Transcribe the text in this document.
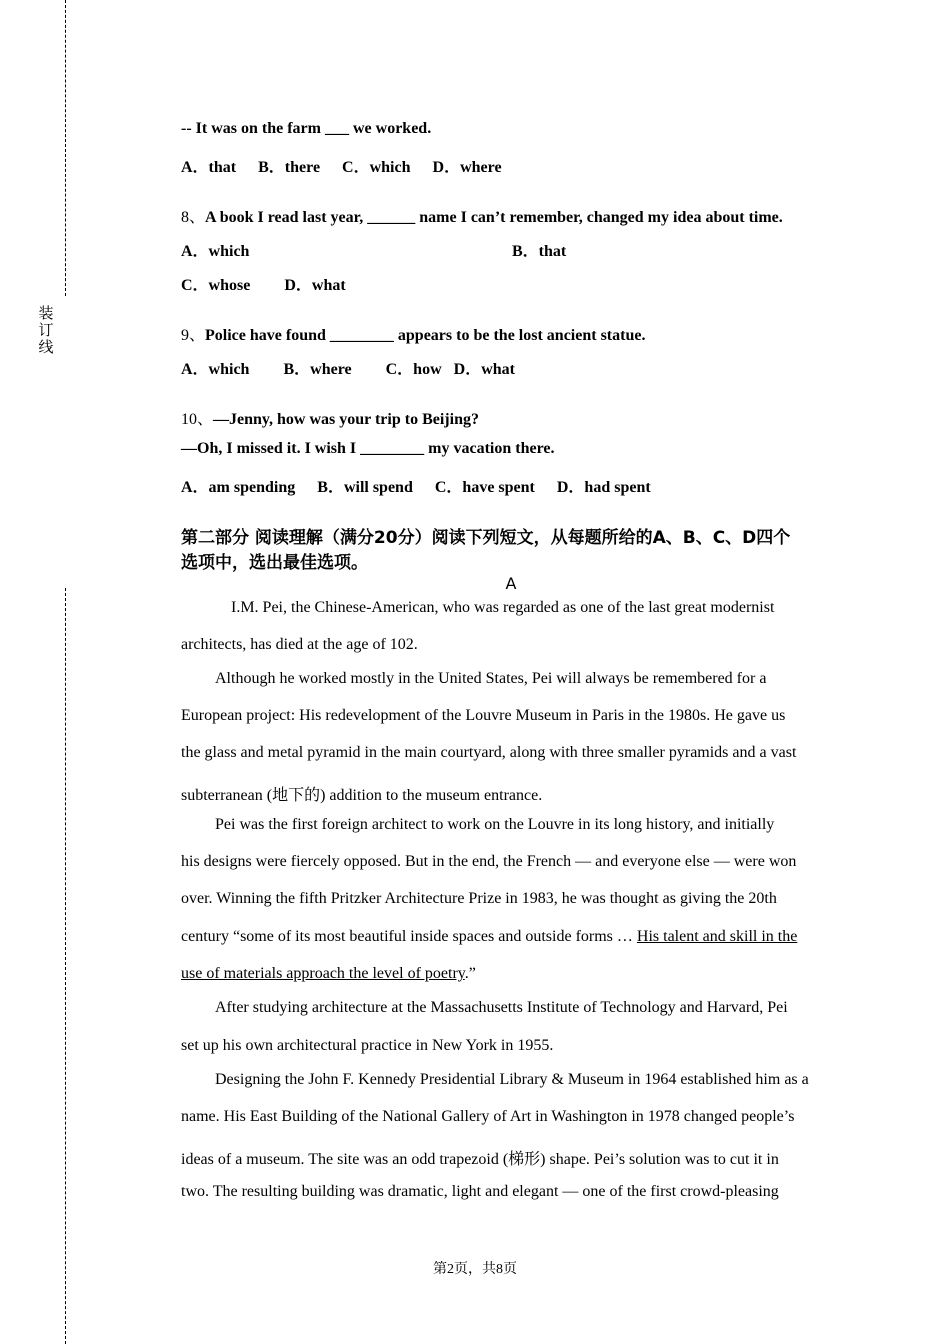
装
订
线
-- It was on the farm ___ we worked.
A．that B．there C．which D．where
8、A book I read last year, ______ name I can’t remember, changed my idea about time.
A．which	B．that
C．whose D．what
9、Police have found ________ appears to be the lost ancient statue.
A．which B．where C．how D．what
10、—Jenny, how was your trip to Beijing?
—Oh, I missed it. I wish I ________ my vacation there.
A．am spending B．will spend C．have spent D．had spent
第二部分 阅读理解（满分20分）阅读下列短文，从每题所给的A、B、C、D四个
选项中，选出最佳选项。
A
I.M. Pei, the Chinese-American, who was regarded as one of the last great modernist
architects, has died at the age of 102.
Although he worked mostly in the United States, Pei will always be remembered for a
European project: His redevelopment of the Louvre Museum in Paris in the 1980s. He gave us
the glass and metal pyramid in the main courtyard, along with three smaller pyramids and a vast
subterranean (地下的) addition to the museum entrance.
Pei was the first foreign architect to work on the Louvre in its long history, and initially
his designs were fiercely opposed. But in the end, the French — and everyone else — were won
over. Winning the fifth Pritzker Architecture Prize in 1983, he was thought as giving the 20th
century “some of its most beautiful inside spaces and outside forms … His talent and skill in the
use of materials approach the level of poetry.”
After studying architecture at the Massachusetts Institute of Technology and Harvard, Pei
set up his own architectural practice in New York in 1955.
Designing the John F. Kennedy Presidential Library & Museum in 1964 established him as a
name. His East Building of the National Gallery of Art in Washington in 1978 changed people’s
ideas of a museum. The site was an odd trapezoid (梯形) shape. Pei’s solution was to cut it in
two. The resulting building was dramatic, light and elegant — one of the first crowd-pleasing
第2页，共8页
